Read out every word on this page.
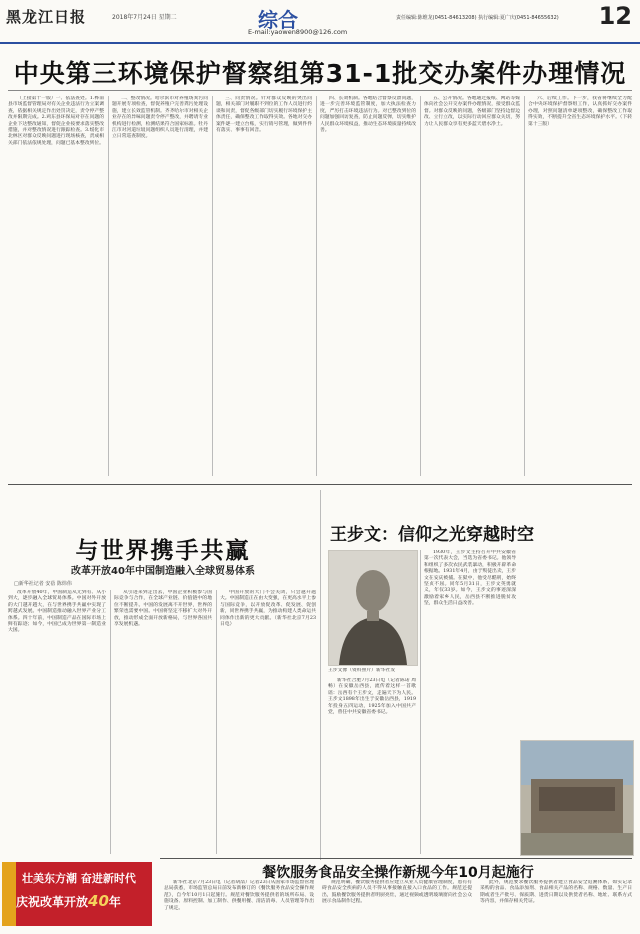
黑龙江日报	2018年7月24日 星期二	综合
E-mail:yaowen8900@126.com
责任编辑:陈维龙(0451-84613208) 执行编辑:夏广庆(0451-84655632) 12
中央第三环境保护督察组第31-1批交办案件办理情况

（上接第十一版）一、依法查处。1.桦南县市场监督管理局对有关企业违法行为立案调查，依据相关规定作出处罚决定，责令停产整改并限期完成。2.鸡东县环保局对存在问题的企业下达整改通知，督促企业按要求落实整改措施，并对整改情况进行跟踪检查。3.绥化市北林区对群众反映问题进行现场核查，责成相关部门依法依规处理，问题已基本整改到位。

二、整改情况。哈尔滨市对养殖场粪污问题开展专项检查，督促养殖户完善粪污处理设施，建立长效监管机制。齐齐哈尔市对相关企业存在的异味问题责令停产整改，并聘请专业机构进行检测，检测结果符合国家标准。牡丹江市对河道垃圾问题组织人员进行清理，并建立日常巡查制度。

三、问责情况。针对群众反映的突出问题，相关部门对履职不到位的工作人员进行约谈和问责，督促各级部门切实履行环境保护主体责任，确保整改工作取得实效。各地对交办案件逐一建立台账，实行销号管理，做到件件有落实、事事有回音。

四、长效机制。各地结合督察反馈问题，进一步完善环境监管制度，加大执法检查力度，严厉打击环境违法行为。对已整改到位的问题加强回访复查，防止问题反弹，切实维护人民群众环境权益，推动生态环境质量持续改善。

五、公开情况。各地通过报纸、网站等媒体向社会公开交办案件办理情况，接受群众监督。对群众反映的问题，各级部门坚持边督边改、立行立改，以实际行动回应群众关切，努力让人民群众享有更多蓝天碧水净土。

六、后续工作。下一步，我省将继续全力配合中央环境保护督察组工作，认真抓好交办案件办理，对照问题清单逐项整改，确保整改工作取得实效，不断提升全省生态环境保护水平。（下转第十三版）

与世界携手共赢
改革开放40年中国制造融入全球贸易体系
□新华社记者 安蓓 陈炜伟

改革开放40年，中国制造从无到有、从小到大，逐步融入全球贸易体系。中国对外开放的大门越开越大，在与世界携手共赢中实现了跨越式发展。中国制造推动融入世界产业分工体系。四十年前，中国制造产品在国际市场上鲜有踪迹；如今，中国已成为世界第一制造业大国。

从引进来到走出去，中国企业积极参与国际竞争与合作，在全球产业链、价值链中的地位不断提升。中国的发展离不开世界，世界的繁荣也需要中国。中国将坚定不移扩大对外开放，推动形成全面开放新格局，与世界各国共享发展机遇。

中国开放的大门不会关闭，只会越开越大。中国制造正在由大变强，在更高水平上参与国际竞争，以开放促改革、促发展、促创新，同世界携手共赢，为推动构建人类命运共同体作出新的更大贡献。（新华社北京7月23日电）

壮美东方潮 奋进新时代
庆祝改革开放40年
王步文：信仰之光穿越时空
王步文像（资料照片）新华社发

新华社合肥7月23日电（记者陈诺 周畅）在安徽岳西县，流传着这样一首歌谣：岳西有个王步文，走遍天下为人民。王步文1898年出生于安徽岳西县，1919年投身五四运动，1925年加入中国共产党，曾任中共安徽省委书记。

1930年，王步文主持召开中共安徽省第一次代表大会，当选为省委书记。他领导和组织了多次农民武装暴动，积极开辟革命根据地。1931年4月，由于叛徒出卖，王步文在安庆被捕。在狱中，他受尽酷刑，始终坚贞不屈。同年5月31日，王步文英勇就义，年仅33岁。如今，王步文的事迹深深激励着家乡人民，岳西县不断推进脱贫攻坚，群众生活日益改善。

餐饮服务食品安全操作新规今年10月起施行

新华社北京7月23日电（记者胡喆）记者23日从国家市场监督管理总局获悉，市场监管总局日前发布新修订的《餐饮服务食品安全操作规范》，自今年10月1日起施行。规范对餐饮服务提供者的场所布局、设施设备、原料控制、加工制作、供餐用餐、清洁消毒、人员管理等作出了规定。

规范明确，餐饮服务提供者应建立从业人员健康管理制度，患有有碍食品安全疾病的人员不得从事接触直接入口食品的工作。规范还提出，鼓励餐饮服务提供者明厨亮灶，通过视频或透明玻璃窗向社会公众展示食品制作过程。

此外，规范要求餐饮服务提供者建立食品安全追溯体系，如实记录采购的食品、食品添加剂、食品相关产品的名称、规格、数量、生产日期或者生产批号、保质期、进货日期以及供货者名称、地址、联系方式等内容，并保存相关凭证。
